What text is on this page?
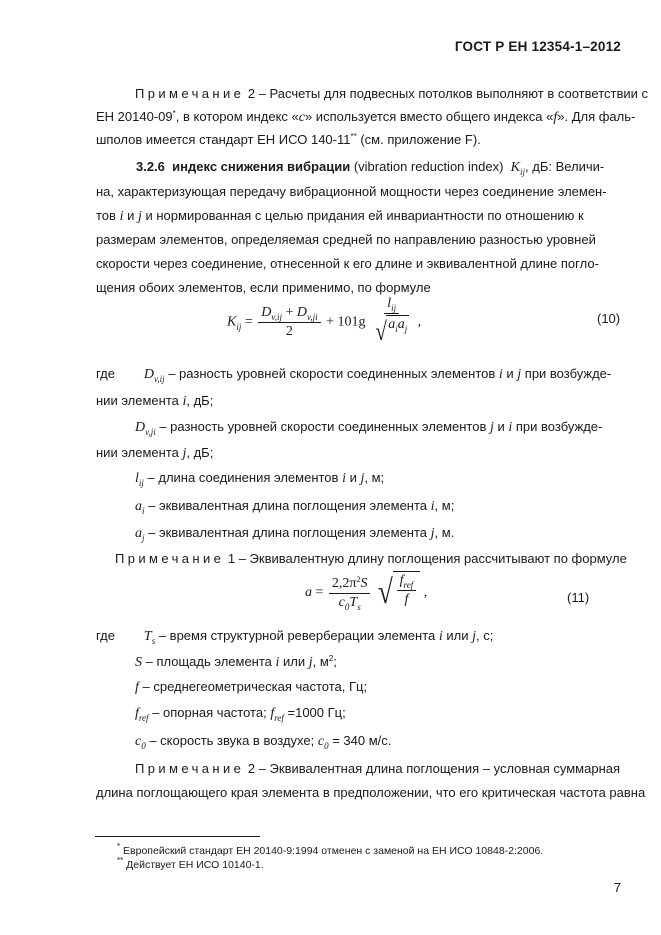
ГОСТ Р ЕН 12354-1–2012
Примечание 2 – Расчеты для подвесных потолков выполняют в соответствии с
ЕН 20140-09*, в котором индекс «c» используется вместо общего индекса «f». Для фаль-
шполов имеется стандарт ЕН ИСО 140-11** (см. приложение F).
3.2.6 индекс снижения вибрации (vibration reduction index) $K_{ij}$, дБ: Величи-
на, характеризующая передачу вибрационной мощности через соединение элемен-
тов i и j и нормированная с целью придания ей инвариантности по отношению к
размерам элементов, определяемая средней по направлению разностью уровней
скорости через соединение, отнесенной к его длине и эквивалентной длине погло-
щения обоих элементов, если применимо, по формуле
$K_{ij} = \frac{D_{v,ij} + D_{v,ji}}{2} + 101g \frac{l_{ij}}{√ a_ia_j}$ ,	(10)
где $D_{v,ij}$ – разность уровней скорости соединенных элементов i и j при возбужде-
нии элемента i, дБ;
$D_{v,ji}$ – разность уровней скорости соединенных элементов j и i при возбужде-
нии элемента j, дБ;
$l_{ij}$ – длина соединения элементов i и j, м;
$a_i$ – эквивалентная длина поглощения элемента i, м;
$a_j$ – эквивалентная длина поглощения элемента j, м.
Примечание 1 – Эквивалентную длину поглощения рассчитывают по формуле
$a = \frac{2,2\pi^2S}{c_0T_s}$
√ $\frac{f_{ref}}{f}$ ,	(11)
где $T_s$ – время структурной реверберации элемента i или j, с;
S – площадь элемента i или j, $м^2$;
f – среднегеометрическая частота, Гц;
$f_{ref}$ – опорная частота; $f_{ref} =1000$ Гц;
$c_0$ – скорость звука в воздухе; $c_0 = 340$ м/с.
Примечание 2 – Эквивалентная длина поглощения – условная суммарная
длина поглощающего края элемента в предположении, что его критическая частота равна
* Европейский стандарт ЕН 20140-9:1994 отменен с заменой на ЕН ИСО 10848-2:2006.
** Действует ЕН ИСО 10140-1.
7
